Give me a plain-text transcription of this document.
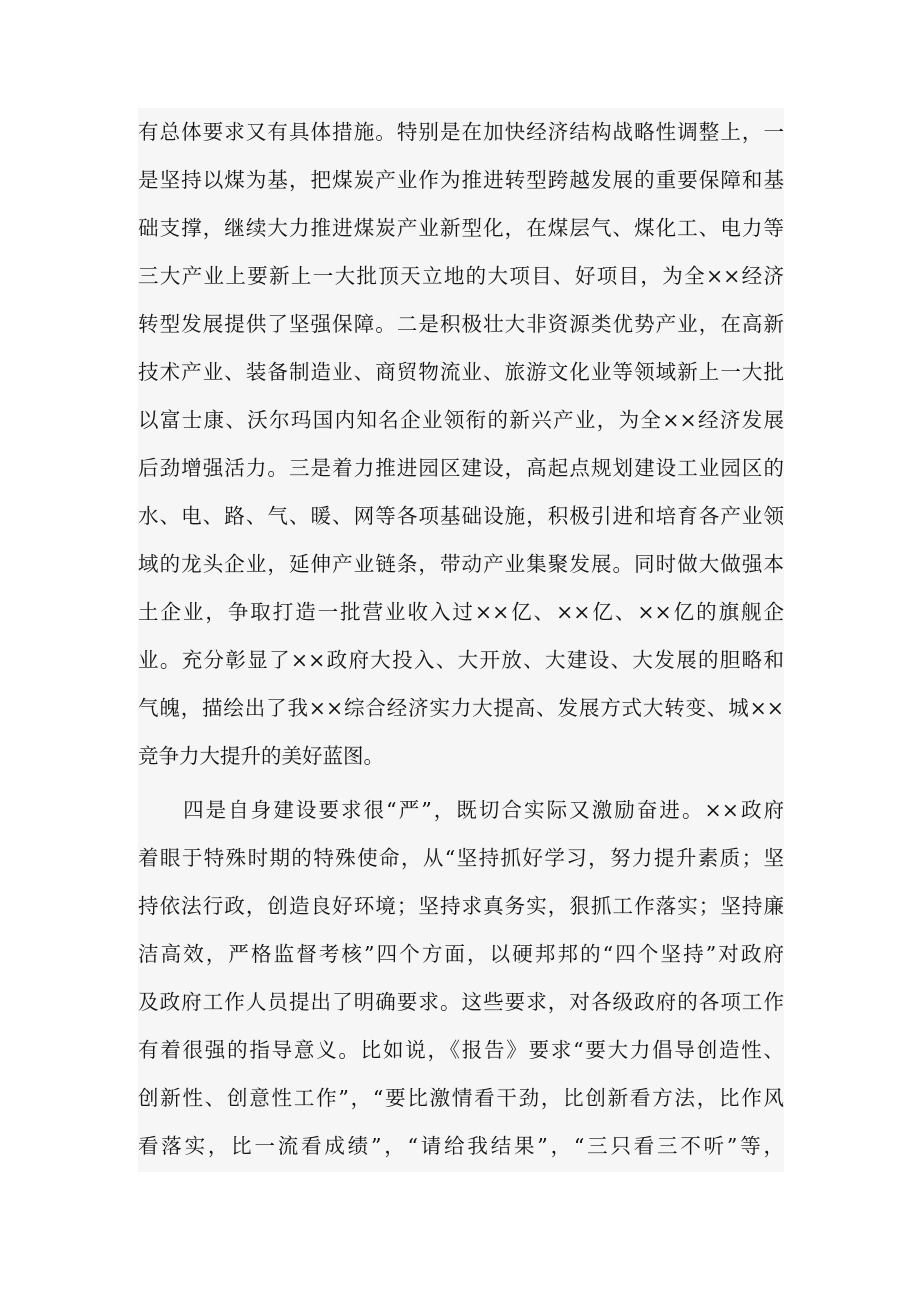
有总体要求又有具体措施。特别是在加快经济结构战略性调整上，一
是坚持以煤为基，把煤炭产业作为推进转型跨越发展的重要保障和基
础支撑，继续大力推进煤炭产业新型化，在煤层气、煤化工、电力等
三大产业上要新上一大批顶天立地的大项目、好项目，为全××经济
转型发展提供了坚强保障。二是积极壮大非资源类优势产业，在高新
技术产业、装备制造业、商贸物流业、旅游文化业等领域新上一大批
以富士康、沃尔玛国内知名企业领衔的新兴产业，为全××经济发展
后劲增强活力。三是着力推进园区建设，高起点规划建设工业园区的
水、电、路、气、暖、网等各项基础设施，积极引进和培育各产业领
域的龙头企业，延伸产业链条，带动产业集聚发展。同时做大做强本
土企业，争取打造一批营业收入过××亿、××亿、××亿的旗舰企
业。充分彰显了××政府大投入、大开放、大建设、大发展的胆略和
气魄，描绘出了我××综合经济实力大提高、发展方式大转变、城××
竞争力大提升的美好蓝图。
　　四是自身建设要求很“严”，既切合实际又激励奋进。××政府
着眼于特殊时期的特殊使命，从“坚持抓好学习，努力提升素质；坚
持依法行政，创造良好环境；坚持求真务实，狠抓工作落实；坚持廉
洁高效，严格监督考核”四个方面，以硬邦邦的“四个坚持”对政府
及政府工作人员提出了明确要求。这些要求，对各级政府的各项工作
有着很强的指导意义。比如说，《报告》要求“要大力倡导创造性、
创新性、创意性工作”，“要比激情看干劲，比创新看方法，比作风
看落实，比一流看成绩”，“请给我结果”，“三只看三不听”等，
